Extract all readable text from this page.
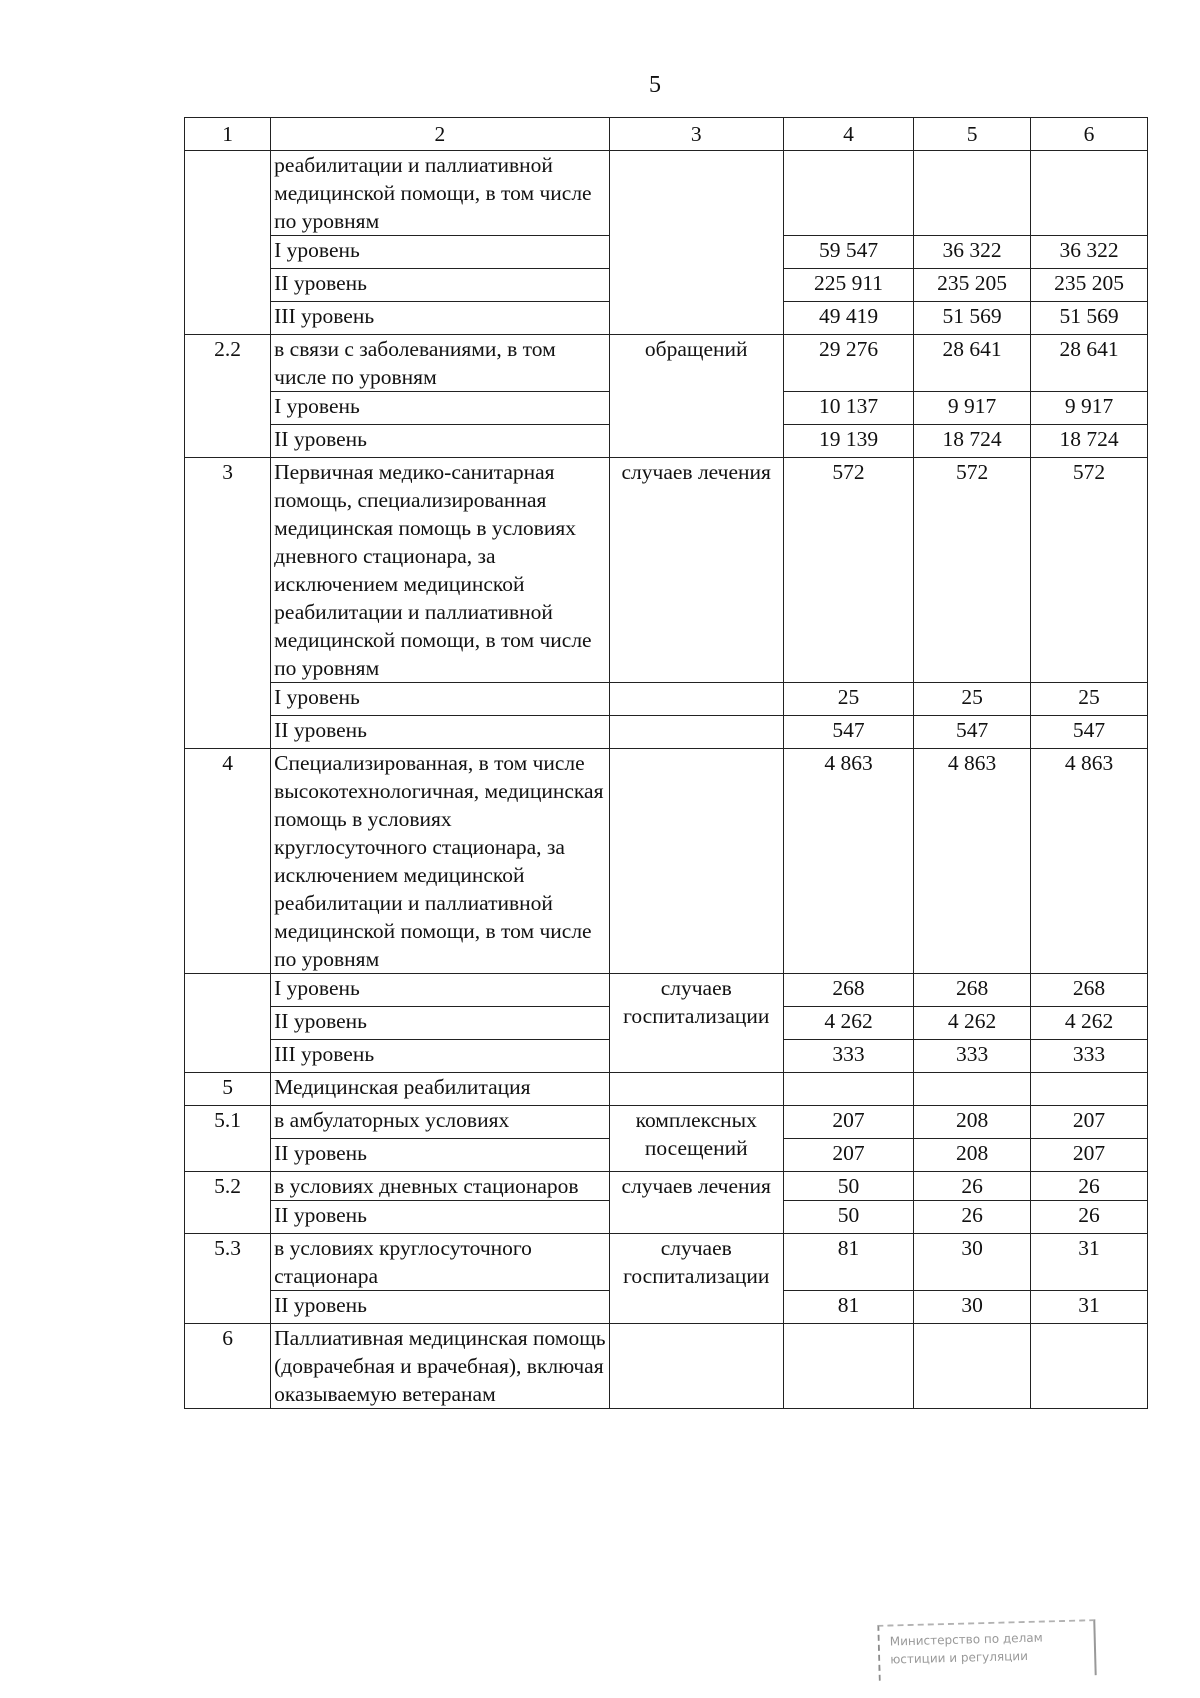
5
1	2	3	4	5	6
	реабилитации и паллиативной медицинской помощи, в том числе по уровням				
	I уровень		59 547	36 322	36 322
	II уровень		225 911	235 205	235 205
	III уровень		49 419	51 569	51 569
2.2	в связи с заболеваниями, в том числе по уровням	обращений	29 276	28 641	28 641
	I уровень		10 137	9 917	9 917
	II уровень		19 139	18 724	18 724
3	Первичная медико-санитарная помощь, специализированная медицинская помощь в условиях дневного стационара, за исключением медицинской реабилитации и паллиативной медицинской помощи, в том числе по уровням	случаев лечения	572	572	572
	I уровень		25	25	25
	II уровень		547	547	547
4	Специализированная, в том числе высокотехнологичная, медицинская помощь в условиях круглосуточного стационара, за исключением медицинской реабилитации и паллиативной медицинской помощи, в том числе по уровням		4 863	4 863	4 863
	I уровень	случаев госпитализации	268	268	268
	II уровень		4 262	4 262	4 262
	III уровень		333	333	333
5	Медицинская реабилитация				
5.1	в амбулаторных условиях	комплексных посещений	207	208	207
	II уровень		207	208	207
5.2	в условиях дневных стационаров	случаев лечения	50	26	26
	II уровень		50	26	26
5.3	в условиях круглосуточного стационара	случаев госпитализации	81	30	31
	II уровень		81	30	31
6	Паллиативная медицинская помощь (доврачебная и врачебная), включая оказываемую ветеранам				
Министерство по делам
юстиции и регуляции
